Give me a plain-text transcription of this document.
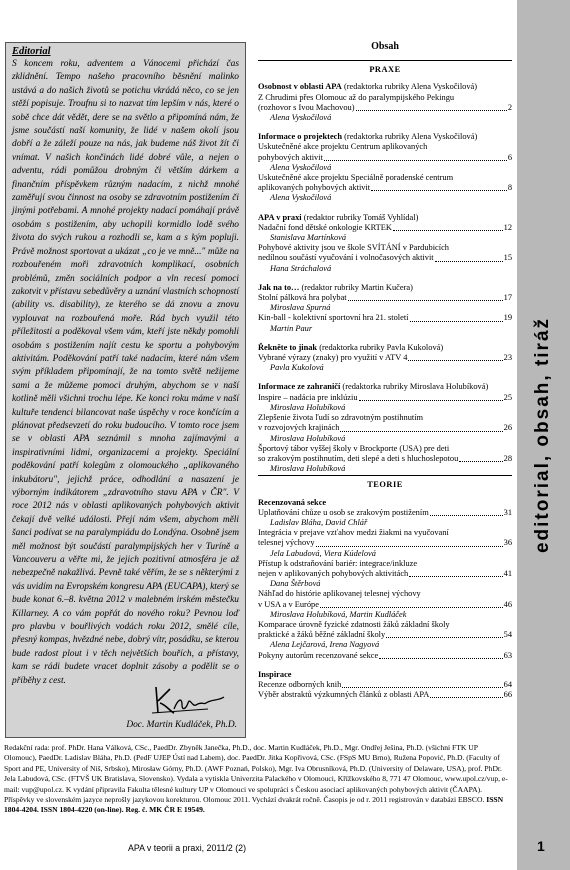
editorial, obsah, tiráž
Editorial
S koncem roku, adventem a Vánocemi přichází čas zklidnění. Tempo našeho pracovního běsnění malinko ustává a do našich životů se potichu vkrádá něco, co se jen stěží popisuje. Troufnu si to nazvat tím lepším v nás, které o sobě chce dát vědět, dere se na světlo a připomíná nám, že jsme součástí naší komunity, že lidé v našem okolí jsou dobří a že záleží pouze na nás, jak budeme náš život žít či vnímat. V našich končinách lidé dobré vůle, a nejen o adventu, rádi pomůžou drobným či větším dárkem a finančním příspěvkem různým nadacím, z nichž mnohé zaměřují svou činnost na osoby se zdravotním postižením či jinými potřebami. A mnohé projekty nadací pomáhají právě osobám s postižením, aby uchopili kormidlo lodě svého života do svých rukou a rozhodli se, kam a s kým popluji. Právě možnost sportovat a ukázat „co je ve mně..." může na rozbouřeném moři zdravotních komplikací, osobních problémů, změn sociálních podpor a vln recesí pomoci zakotvit v přístavu sebedůvěry a uznání vlastních schopností (ability vs. disability), ze kterého se dá znovu a znovu vyplouvat na rozbouřená moře. Rád bych využil této příležitosti a poděkoval všem vám, kteří jste někdy pomohli osobám s postižením najít cestu ke sportu a pohybovým aktivitám. Poděkování patří také nadacím, které nám všem svým příkladem připomínají, že na tomto světě nežijeme sami a že můžeme pomoci druhým, abychom se v naší kotlině měli všichni trochu lépe. Ke konci roku máme v naší kultuře tendenci bilancovat naše úspěchy v roce končícím a plánovat předsevzetí do roku budoucího. V tomto roce jsem se v oblasti APA seznámil s mnoha zajímavými a inspirativními lidmi, organizacemi a projekty. Speciální poděkování patří kolegům z olomouckého „aplikovaného inkubátoru", jejichž práce, odhodlání a nasazení je výborným indikátorem „zdravotního stavu APA v ČR". V roce 2012 nás v oblasti aplikovaných pohybových aktivit čekají dvě velké události. Přejí nám všem, abychom měli šanci podívat se na paralympiádu do Londýna. Osobně jsem měl možnost být součástí paralympijských her v Turíně a Vancouveru a věřte mi, že jejich pozitivní atmosféra je až nebezpečně nakažlivá. Pevně také věřím, že se s některými z vás uvidím na Evropském kongresu APA (EUCAPA), který se bude konat 6.–8. května 2012 v malebném irském městečku Killarney. A co vám popřát do nového roku? Pevnou loď pro plavbu v bouřlivých vodách roku 2012, smělé cíle, přesný kompas, hvězdné nebe, dobrý vítr, posádku, se kterou bude radost plout i v těch největších bouřích, a přístavy, kam se rádi budete vracet doplnit zásoby a podělit se o příběhy z cest.
Doc. Martin Kudláček, Ph.D.
Obsah
PRAXE
Osobnost v oblasti APA (redaktorka rubriky Alena Vyskočilová)
Z Chrudimi přes Olomouc až do paralympijského Pekingu
(rozhovor s Ivou Machovou)	2
Alena Vyskočilová
Informace o projektech (redaktorka rubriky Alena Vyskočilová)
Uskutečněné akce projektu Centrum aplikovaných
pohybových aktivit	6
Alena Vyskočilová
Uskutečněné akce projektu Speciálně poradenské centrum
aplikovaných pohybových aktivit	8
Alena Vyskočilová
APA v praxi (redaktor rubriky Tomáš Vyhlídal)
Nadační fond dětské onkologie KRTEK	12
Stanislava Martínková
Pohybové aktivity jsou ve škole SVÍTÁNÍ v Pardubicích
nedílnou součástí vyučování i volnočasových aktivit	15
Hana Stráchalová
Jak na to… (redaktor rubriky Martin Kučera)
Stolní pálková hra polybat	17
Miroslava Spurná
Kin-ball - kolektivní sportovní hra 21. století	19
Martin Paur
Řekněte to jinak (redaktorka rubriky Pavla Kukolová)
Vybrané výrazy (znaky) pro využití v ATV 4	23
Pavla Kukolová
Informace ze zahraničí (redaktorka rubriky Miroslava Holubíková)
Inspire – nadácia pre inklúziu	25
Miroslava Holubíková
Zlepšenie života ľudí so zdravotným postihnutím
v rozvojových krajinách	26
Miroslava Holubíková
Športový tábor vyššej školy v Brockporte (USA) pre deti
so zrakovým postihnutím, deti slepé a deti s hluchoslepotou	28
Miroslava Holubíková
TEORIE
Recenzovaná sekce
Uplatňování chůze u osob se zrakovým postižením	31
Ladislav Bláha, David Chlář
Integrácia v prejave vzťahov medzi žiakmi na vyučovaní
telesnej výchovy	36
Jela Labudová, Viera Kúdelová
Přístup k odstraňování bariér: integrace/inkluze
nejen v aplikovaných pohybových aktivitách	41
Dana Štěrbová
Náhľad do histórie aplikovanej telesnej výchovy
v USA a v Európe	46
Miroslava Holubíková, Martin Kudláček
Komparace úrovně fyzické zdatnosti žáků základní školy
praktické a žáků běžné základní školy	54
Alena Lejčarová, Irena Nagyová
Pokyny autorům recenzované sekce	63
Inspirace
Recenze odborných knih	64
Výběr abstraktů výzkumných článků z oblasti APA	66
Redakční rada: prof. PhDr. Hana Válková, CSc., PaedDr. Zbyněk Janečka, Ph.D., doc. Martin Kudláček, Ph.D., Mgr. Ondřej Ješina, Ph.D. (všichni FTK UP Olomouc), PaedDr. Ladislav Bláha, Ph.D. (PedF UJEP Ústí nad Labem), doc. PaedDr. Jitka Kopřivová, CSc. (FSpS MU Brno), Ružena Popović, Ph.D. (Faculty of Sport and PE, University of Niš, Srbsko), Mirosław Górny, Ph.D. (AWF Poznań, Polsko), Mgr. Iva Obrusníková, Ph.D. (University of Delaware, USA), prof. PhDr. Jela Labudová, CSc. (FTVŠ UK Bratislava, Slovensko). Vydala a vytiskla Univerzita Palackého v Olomouci, Křížkovského 8, 771 47 Olomouc, www.upol.cz/vup, e-mail: vup@upol.cz. K vydání připravila Fakulta tělesné kultury UP v Olomouci ve spolupráci s Českou asociací aplikovaných pohybových aktivit (ČAAPA). Příspěvky ve slovenském jazyce neprošly jazykovou korekturou. Olomouc 2011. Vychází dvakrát ročně. Časopis je od r. 2011 registrován v databázi EBSCO. ISSN 1804-4204. ISSN 1804-4220 (on-line). Reg. č. MK ČR E 19549.
APA v teorii a praxi, 2011/2 (2)	1
